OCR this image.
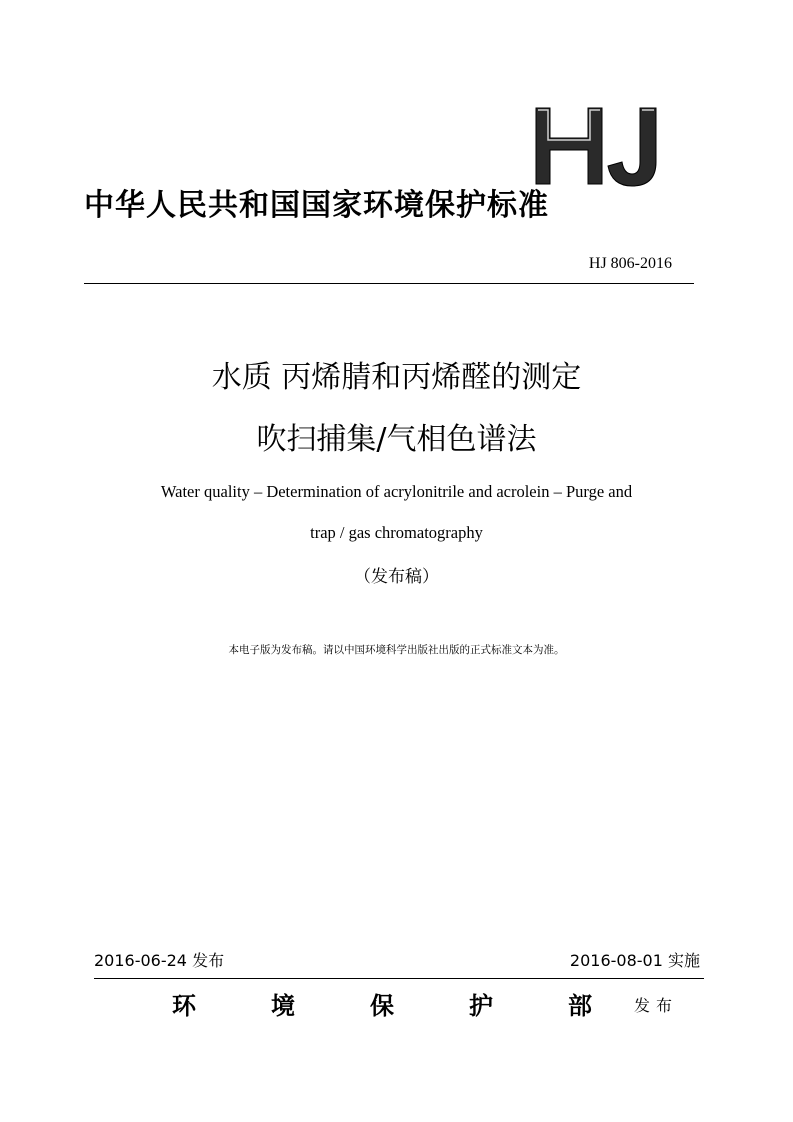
中华人民共和国国家环境保护标准
HJ 806-2016
水质 丙烯腈和丙烯醛的测定
吹扫捕集/气相色谱法
Water quality – Determination of acrylonitrile and acrolein – Purge and
trap / gas chromatography
（发布稿）
本电子版为发布稿。请以中国环境科学出版社出版的正式标准文本为准。
2016-06-24 发布	2016-08-01 实施
环	境	保	护	部	发布
